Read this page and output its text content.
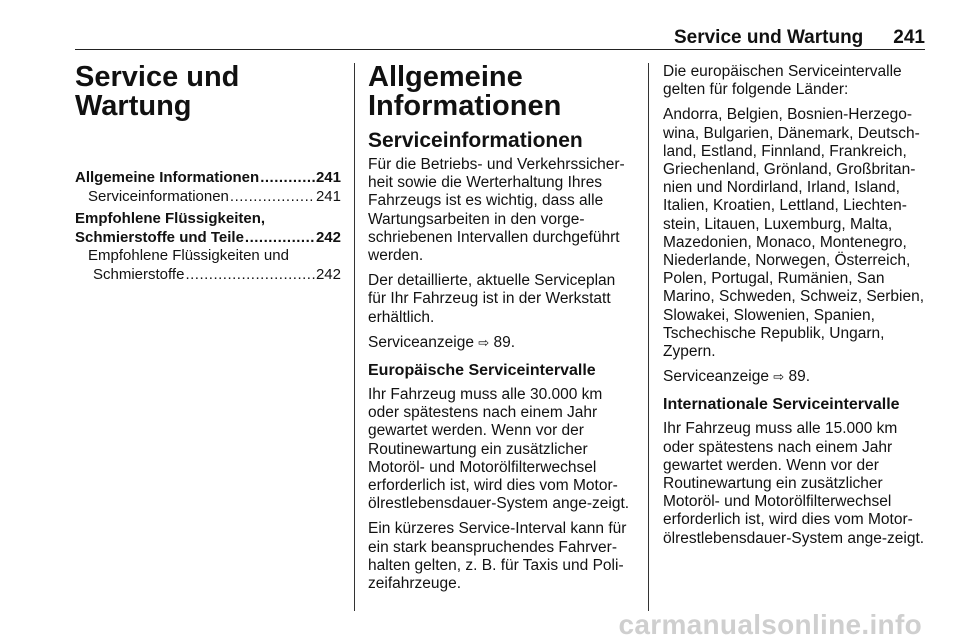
Service und Wartung 241
Service und
Wartung
Allgemeine Informationen .....	241
Serviceinformationen .....	241
Empfohlene Flüssigkeiten,
Schmierstoffe und Teile .....	242
Empfohlene Flüssigkeiten und
Schmierstoffe .....	242
Allgemeine
Informationen
Serviceinformationen

Für die Betriebs- und Verkehrssicher-heit sowie die Werterhaltung Ihres Fahrzeugs ist es wichtig, dass alle Wartungsarbeiten in den vorge-schriebenen Intervallen durchgeführt werden.

Der detaillierte, aktuelle Serviceplan für Ihr Fahrzeug ist in der Werkstatt erhältlich.

Serviceanzeige ⇨ 89.

Europäische Serviceintervalle

Ihr Fahrzeug muss alle 30.000 km oder spätestens nach einem Jahr gewartet werden. Wenn vor der Routinewartung ein zusätzlicher Motoröl- und Motorölfilterwechsel erforderlich ist, wird dies vom Motor-ölrestlebensdauer-System ange-zeigt.

Ein kürzeres Service-Interval kann für ein stark beanspruchendes Fahrver-halten gelten, z. B. für Taxis und Poli-zeifahrzeuge.

Die europäischen Serviceintervalle gelten für folgende Länder:

Andorra, Belgien, Bosnien-Herzego-wina, Bulgarien, Dänemark, Deutsch-land, Estland, Finnland, Frankreich, Griechenland, Grönland, Großbritan-nien und Nordirland, Irland, Island, Italien, Kroatien, Lettland, Liechten-stein, Litauen, Luxemburg, Malta, Mazedonien, Monaco, Montenegro, Niederlande, Norwegen, Österreich, Polen, Portugal, Rumänien, San Marino, Schweden, Schweiz, Serbien, Slowakei, Slowenien, Spanien, Tschechische Republik, Ungarn, Zypern.

Serviceanzeige ⇨ 89.

Internationale Serviceintervalle

Ihr Fahrzeug muss alle 15.000 km oder spätestens nach einem Jahr gewartet werden. Wenn vor der Routinewartung ein zusätzlicher Motoröl- und Motorölfilterwechsel erforderlich ist, wird dies vom Motor-ölrestlebensdauer-System ange-zeigt.

carmanualsonline.info
